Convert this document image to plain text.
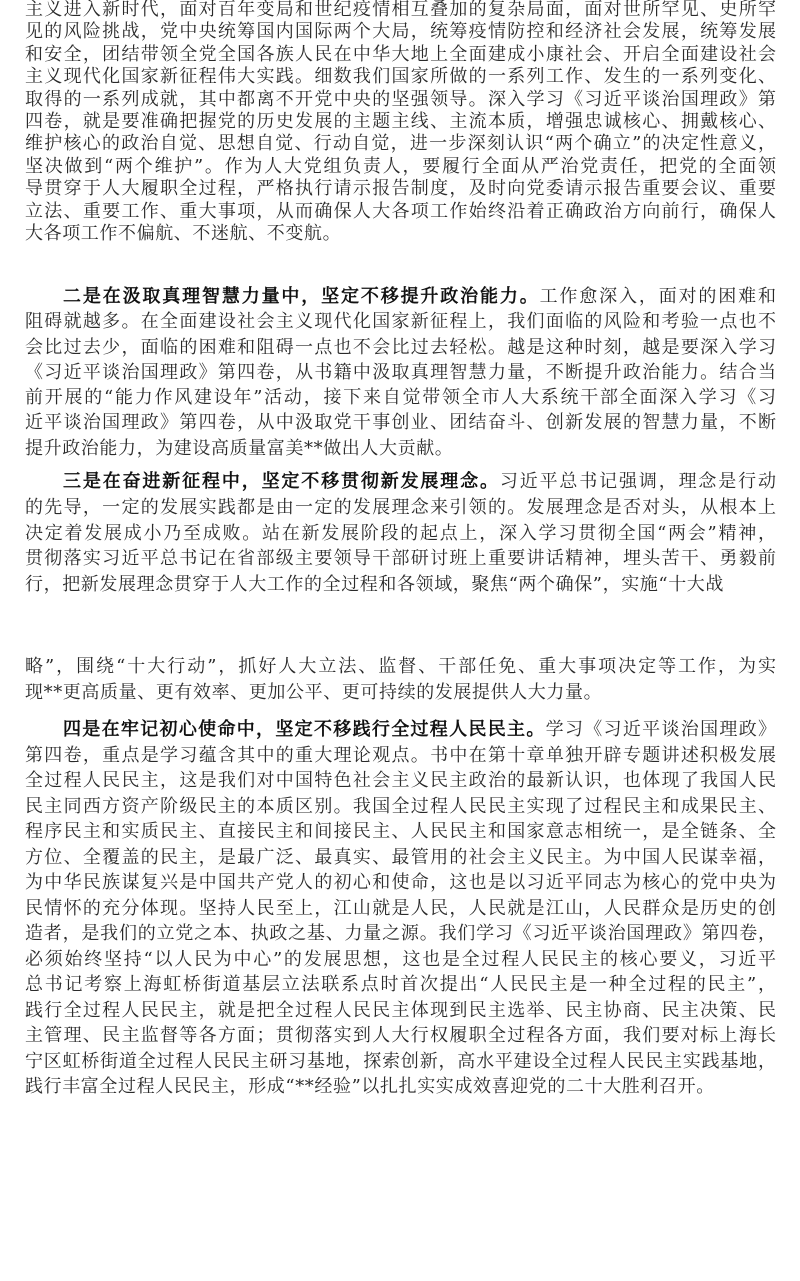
主义进入新时代，面对百年变局和世纪疫情相互叠加的复杂局面，面对世所罕见、史所罕
见的风险挑战，党中央统筹国内国际两个大局，统筹疫情防控和经济社会发展，统筹发展
和安全，团结带领全党全国各族人民在中华大地上全面建成小康社会、开启全面建设社会
主义现代化国家新征程伟大实践。细数我们国家所做的一系列工作、发生的一系列变化、
取得的一系列成就，其中都离不开党中央的坚强领导。深入学习《习近平谈治国理政》第
四卷，就是要准确把握党的历史发展的主题主线、主流本质，增强忠诚核心、拥戴核心、
维护核心的政治自觉、思想自觉、行动自觉，进一步深刻认识“两个确立”的决定性意义，
坚决做到“两个维护”。作为人大党组负责人，要履行全面从严治党责任，把党的全面领
导贯穿于人大履职全过程，严格执行请示报告制度，及时向党委请示报告重要会议、重要
立法、重要工作、重大事项，从而确保人大各项工作始终沿着正确政治方向前行，确保人
大各项工作不偏航、不迷航、不变航。
二是在汲取真理智慧力量中，坚定不移提升政治能力。工作愈深入，面对的困难和
阻碍就越多。在全面建设社会主义现代化国家新征程上，我们面临的风险和考验一点也不
会比过去少，面临的困难和阻碍一点也不会比过去轻松。越是这种时刻，越是要深入学习
《习近平谈治国理政》第四卷，从书籍中汲取真理智慧力量，不断提升政治能力。结合当
前开展的“能力作风建设年”活动，接下来自觉带领全市人大系统干部全面深入学习《习
近平谈治国理政》第四卷，从中汲取党干事创业、团结奋斗、创新发展的智慧力量，不断
提升政治能力，为建设高质量富美**做出人大贡献。
三是在奋进新征程中，坚定不移贯彻新发展理念。习近平总书记强调，理念是行动
的先导，一定的发展实践都是由一定的发展理念来引领的。发展理念是否对头，从根本上
决定着发展成小乃至成败。站在新发展阶段的起点上，深入学习贯彻全国“两会”精神，
贯彻落实习近平总书记在省部级主要领导干部研讨班上重要讲话精神，埋头苦干、勇毅前
行，把新发展理念贯穿于人大工作的全过程和各领域，聚焦“两个确保”，实施“十大战
略”，围绕“十大行动”，抓好人大立法、监督、干部任免、重大事项决定等工作，为实
现**更高质量、更有效率、更加公平、更可持续的发展提供人大力量。
四是在牢记初心使命中，坚定不移践行全过程人民民主。学习《习近平谈治国理政》
第四卷，重点是学习蕴含其中的重大理论观点。书中在第十章单独开辟专题讲述积极发展
全过程人民民主，这是我们对中国特色社会主义民主政治的最新认识，也体现了我国人民
民主同西方资产阶级民主的本质区别。我国全过程人民民主实现了过程民主和成果民主、
程序民主和实质民主、直接民主和间接民主、人民民主和国家意志相统一，是全链条、全
方位、全覆盖的民主，是最广泛、最真实、最管用的社会主义民主。为中国人民谋幸福，
为中华民族谋复兴是中国共产党人的初心和使命，这也是以习近平同志为核心的党中央为
民情怀的充分体现。坚持人民至上，江山就是人民，人民就是江山，人民群众是历史的创
造者，是我们的立党之本、执政之基、力量之源。我们学习《习近平谈治国理政》第四卷，
必须始终坚持“以人民为中心”的发展思想，这也是全过程人民民主的核心要义，习近平
总书记考察上海虹桥街道基层立法联系点时首次提出“人民民主是一种全过程的民主”，
践行全过程人民民主，就是把全过程人民民主体现到民主选举、民主协商、民主决策、民
主管理、民主监督等各方面；贯彻落实到人大行权履职全过程各方面，我们要对标上海长
宁区虹桥街道全过程人民民主研习基地，探索创新，高水平建设全过程人民民主实践基地，
践行丰富全过程人民民主，形成“**经验”以扎扎实实成效喜迎党的二十大胜利召开。
